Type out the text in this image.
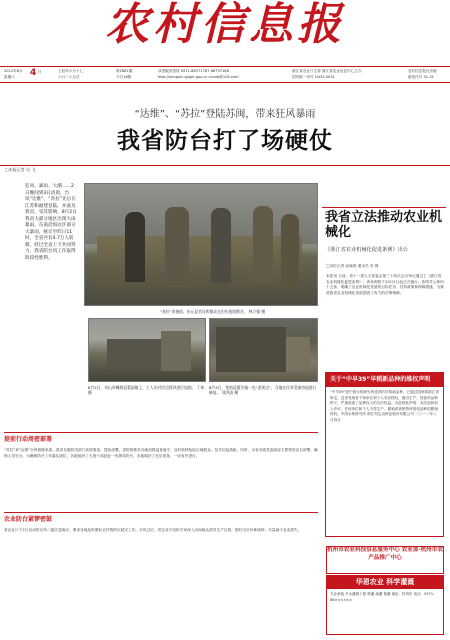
农村信息报
2012年8月 4 日
星期六
壬辰年六月十七
六月二十五伏
第2681期
今日16版
读者服务热线 0571-86571787 86797188
http://nongxin.zjagri.gov.cn ncxxb@126.com
浙江省农业厅主管 浙江省农业信息中心主办
国内统一刊号 CN33-0031
农村信息报社出版
邮发代号 31-31
“达维”、“苏拉”登陆苏闽，带来狂风暴雨
我省防台打了场硬仗
□本报记者 吴 飞
狂风、暴雨、大潮……2日晚间到3日清晨，台风“达维”、“苏拉”先后在江苏和福建登陆，并波及我省。受其影响，8月2日我省大部分地区出现大雨暴雨，东南沿海达区部分大暴雨，统计至昨日11时，全省共有4.7万人转移，经过全省上下共同努力，我省防台风工作取得阶段性胜利。
“苏拉”来袭前，庆元县官员和群众在田头抢收稻谷。 林立强 摄
8月2日，舟山市嵊泗县菜园镇上，工人们对岸边堤坝进行加固。 丁伟 摄
8月3日，苍南县霞关镇一处“老街边”，当地农民对受损房屋进行修复。 刘洪清 摄
我省立法推动农业机械化
《浙江省农业机械化促进条例》出台
□本报记者 俞晓鸿 通讯员 李 静
本报讯 日前，省十一届人大常委会第三十四次会议审议通过了《浙江省农业机械化促进条例》，该条例将于10月1日起正式施行。条例共七章四十五条，明确了农业机械化发展的目标任务、扶持政策和保障措施，为推进我省农业机械化发展提供了有力的法律保障。
关于“中早39”早稻新品种的维权声明
“中早39”是中国水稻研究所选育的早稻新品种，已通过国家和浙江省审定。近来发现有个别单位和个人未经授权，擅自生产、经营该品种种子，严重侵害了品种权人的合法权益。为此特此声明：未经品种权人许可，任何单位和个人不得生产、繁殖或者销售该授权品种的繁殖材料。中国水稻研究所 浙江勿忘农种业股份有限公司 二〇一二年八月四日
杭州市农业科技信息服务中心 农业部·杭州市农产品推广中心
华恩农业 科学灌溉
专业承接 节水灌溉工程 喷灌 滴灌 微灌 地址：杭州市 电话：0571-86××××××
提前行动周密部署
“苏拉”和“达维”台风相继来袭，我省各级防汛部门高度重视，提前部署。省防指要求各地加强巡查值守，及时转移危险区域群众，及早拉起渔船。同时，全省各级党委政府主要领导亲自部署，确保人员安全。为确保防台工作落实到位，各地组织了大批干部赶赴一线指导防台，各地做好了充足准备，一切有序进行。
农业防台紧锣密鼓
省农业厅于2日启动防台风二级应急响应，要求各地及时做好农作物防灾减灾工作。台风过后，省农业厅组织专家深入田间地头指导生产自救，做好灾后补种改种，尽量减少农业损失。
